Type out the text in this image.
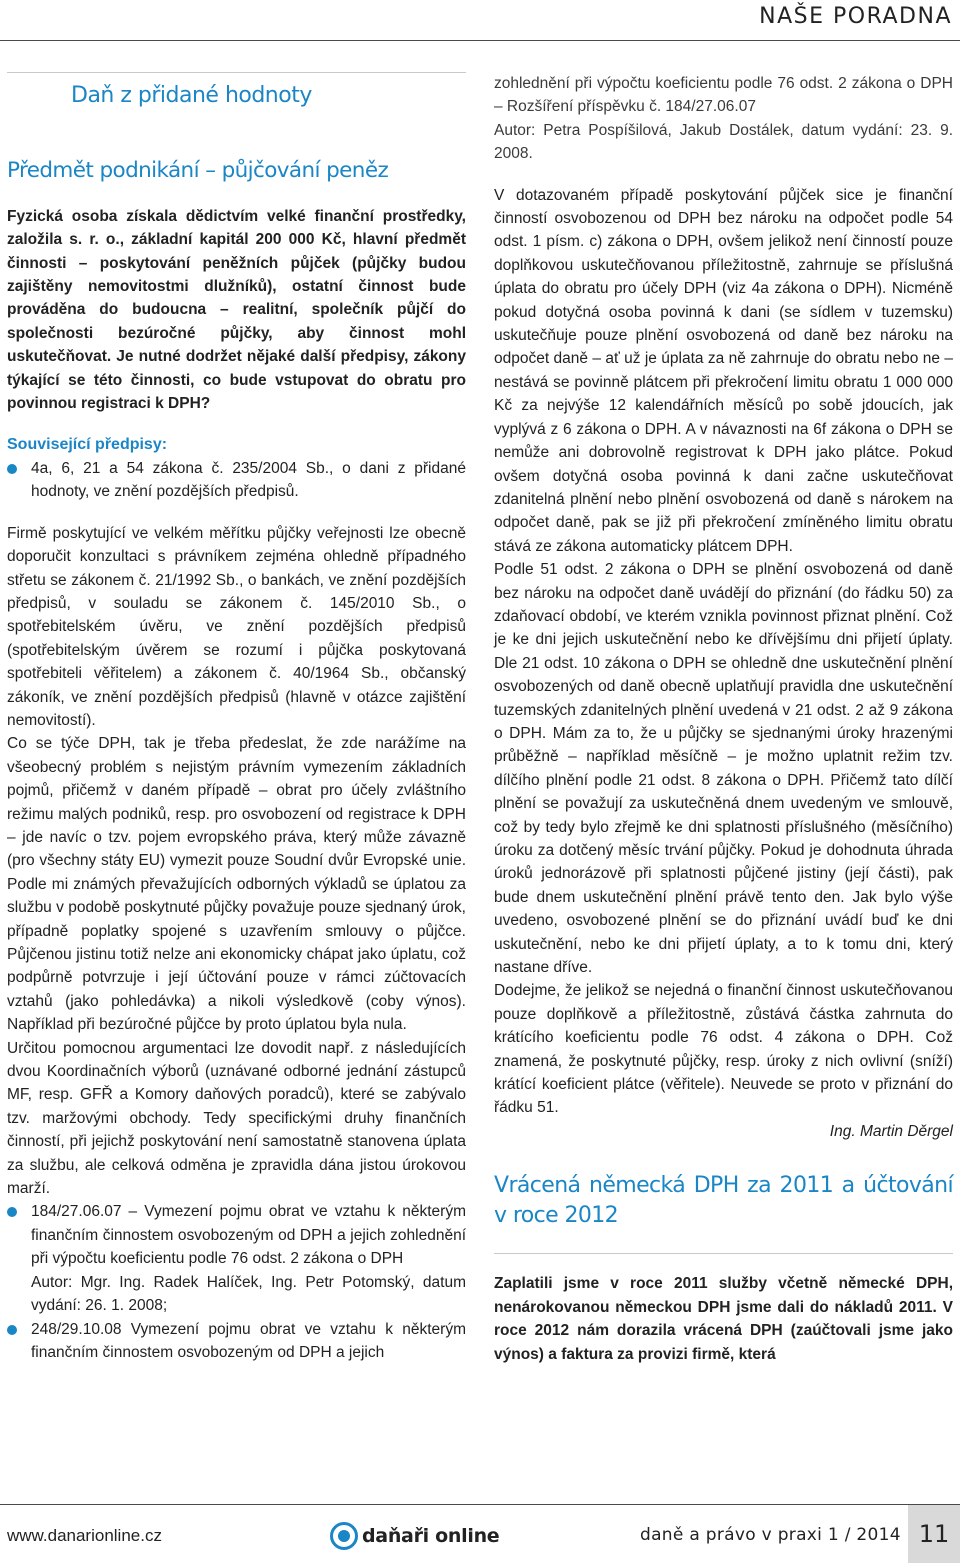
NAŠE PORADNA
Daň z přidané hodnoty
Předmět podnikání – půjčování peněz

Fyzická osoba získala dědictvím velké finanční prostředky, založila s. r. o., základní kapitál 200 000 Kč, hlavní předmět činnosti – poskytování peněžních půjček (půjčky budou zajištěny nemovitostmi dlužníků), ostatní činnost bude prováděna do budoucna – realitní, společník půjčí do společnosti bezúročné půjčky, aby činnost mohl uskutečňovat. Je nutné dodržet nějaké další předpisy, zákony týkající se této činnosti, co bude vstupovat do obratu pro povinnou registraci k DPH?

Související předpisy:
4a, 6, 21 a 54 zákona č. 235/2004 Sb., o dani z přidané hodnoty, ve znění pozdějších předpisů.

Firmě poskytující ve velkém měřítku půjčky veřejnosti lze obecně doporučit konzultaci s právníkem zejména ohledně případného střetu se zákonem č. 21/1992 Sb., o bankách, ve znění pozdějších předpisů, v souladu se zákonem č. 145/2010 Sb., o spotřebitelském úvěru, ve znění pozdějších předpisů (spotřebitelským úvěrem se rozumí i půjčka poskytovaná spotřebiteli věřitelem) a zákonem č. 40/1964 Sb., občanský zákoník, ve znění pozdějších předpisů (hlavně v otázce zajištění nemovitostí).

Co se týče DPH, tak je třeba předeslat, že zde narážíme na všeobecný problém s nejistým právním vymezením základních pojmů, přičemž v daném případě – obrat pro účely zvláštního režimu malých podniků, resp. pro osvobození od registrace k DPH – jde navíc o tzv. pojem evropského práva, který může závazně (pro všechny státy EU) vymezit pouze Soudní dvůr Evropské unie. Podle mi známých převažujících odborných výkladů se úplatou za službu v podobě poskytnuté půjčky považuje pouze sjednaný úrok, případně poplatky spojené s uzavřením smlouvy o půjčce. Půjčenou jistinu totiž nelze ani ekonomicky chápat jako úplatu, což podpůrně potvrzuje i její účtování pouze v rámci zúčtovacích vztahů (jako pohledávka) a nikoli výsledkově (coby výnos). Například při bezúročné půjčce by proto úplatou byla nula.

Určitou pomocnou argumentaci lze dovodit např. z následujících dvou Koordinačních výborů (uznávané odborné jednání zástupců MF, resp. GFŘ a Komory daňových poradců), které se zabývalo tzv. maržovými obchody. Tedy specifickými druhy finančních činností, při jejichž poskytování není samostatně stanovena úplata za službu, ale celková odměna je zpravidla dána jistou úrokovou marží.

184/27.06.07 – Vymezení pojmu obrat ve vztahu k některým finančním činnostem osvobozeným od DPH a jejich zohlednění při výpočtu koeficientu podle 76 odst. 2 zákona o DPH
Autor: Mgr. Ing. Radek Halíček, Ing. Petr Potomský, datum vydání: 26. 1. 2008;
248/29.10.08 Vymezení pojmu obrat ve vztahu k některým finančním činnostem osvobozeným od DPH a jejich

zohlednění při výpočtu koeficientu podle 76 odst. 2 zákona o DPH – Rozšíření příspěvku č. 184/27.06.07
Autor: Petra Pospíšilová, Jakub Dostálek, datum vydání: 23. 9. 2008.

V dotazovaném případě poskytování půjček sice je finanční činností osvobozenou od DPH bez nároku na odpočet podle 54 odst. 1 písm. c) zákona o DPH, ovšem jelikož není činností pouze doplňkovou uskutečňovanou příležitostně, zahrnuje se příslušná úplata do obratu pro účely DPH (viz 4a zákona o DPH). Nicméně pokud dotyčná osoba povinná k dani (se sídlem v tuzemsku) uskutečňuje pouze plnění osvobozená od daně bez nároku na odpočet daně – ať už je úplata za ně zahrnuje do obratu nebo ne – nestává se povinně plátcem při překročení limitu obratu 1 000 000 Kč za nejvýše 12 kalendářních měsíců po sobě jdoucích, jak vyplývá z 6 zákona o DPH. A v návaznosti na 6f zákona o DPH se nemůže ani dobrovolně registrovat k DPH jako plátce. Pokud ovšem dotyčná osoba povinná k dani začne uskutečňovat zdanitelná plnění nebo plnění osvobozená od daně s nárokem na odpočet daně, pak se již při překročení zmíněného limitu obratu stává ze zákona automaticky plátcem DPH.

Podle 51 odst. 2 zákona o DPH se plnění osvobozená od daně bez nároku na odpočet daně uvádějí do přiznání (do řádku 50) za zdaňovací období, ve kterém vznikla povinnost přiznat plnění. Což je ke dni jejich uskutečnění nebo ke dřívějšímu dni přijetí úplaty. Dle 21 odst. 10 zákona o DPH se ohledně dne uskutečnění plnění osvobozených od daně obecně uplatňují pravidla dne uskutečnění tuzemských zdanitelných plnění uvedená v 21 odst. 2 až 9 zákona o DPH. Mám za to, že u půjčky se sjednanými úroky hrazenými průběžně – například měsíčně – je možno uplatnit režim tzv. dílčího plnění podle 21 odst. 8 zákona o DPH. Přičemž tato dílčí plnění se považují za uskutečněná dnem uvedeným ve smlouvě, což by tedy bylo zřejmě ke dni splatnosti příslušného (měsíčního) úroku za dotčený měsíc trvání půjčky. Pokud je dohodnuta úhrada úroků jednorázově při splatnosti půjčené jistiny (její části), pak bude dnem uskutečnění plnění právě tento den. Jak bylo výše uvedeno, osvobozené plnění se do přiznání uvádí buď ke dni uskutečnění, nebo ke dni přijetí úplaty, a to k tomu dni, který nastane dříve.

Dodejme, že jelikož se nejedná o finanční činnost uskutečňovanou pouze doplňkově a příležitostně, zůstává částka zahrnuta do krátícího koeficientu podle 76 odst. 4 zákona o DPH. Což znamená, že poskytnuté půjčky, resp. úroky z nich ovlivní (sníží) krátící koeficient plátce (věřitele). Neuvede se proto v přiznání do řádku 51.

Ing. Martin Děrgel

Vrácená německá DPH za 2011 a účtování v roce 2012

Zaplatili jsme v roce 2011 služby včetně německé DPH, nenárokovanou německou DPH jsme dali do nákladů 2011. V roce 2012 nám dorazila vrácená DPH (zaúčtovali jsme jako výnos) a faktura za provizi firmě, která

www.danarionline.cz	daňaři online	daně a právo v praxi 1 / 2014 11
